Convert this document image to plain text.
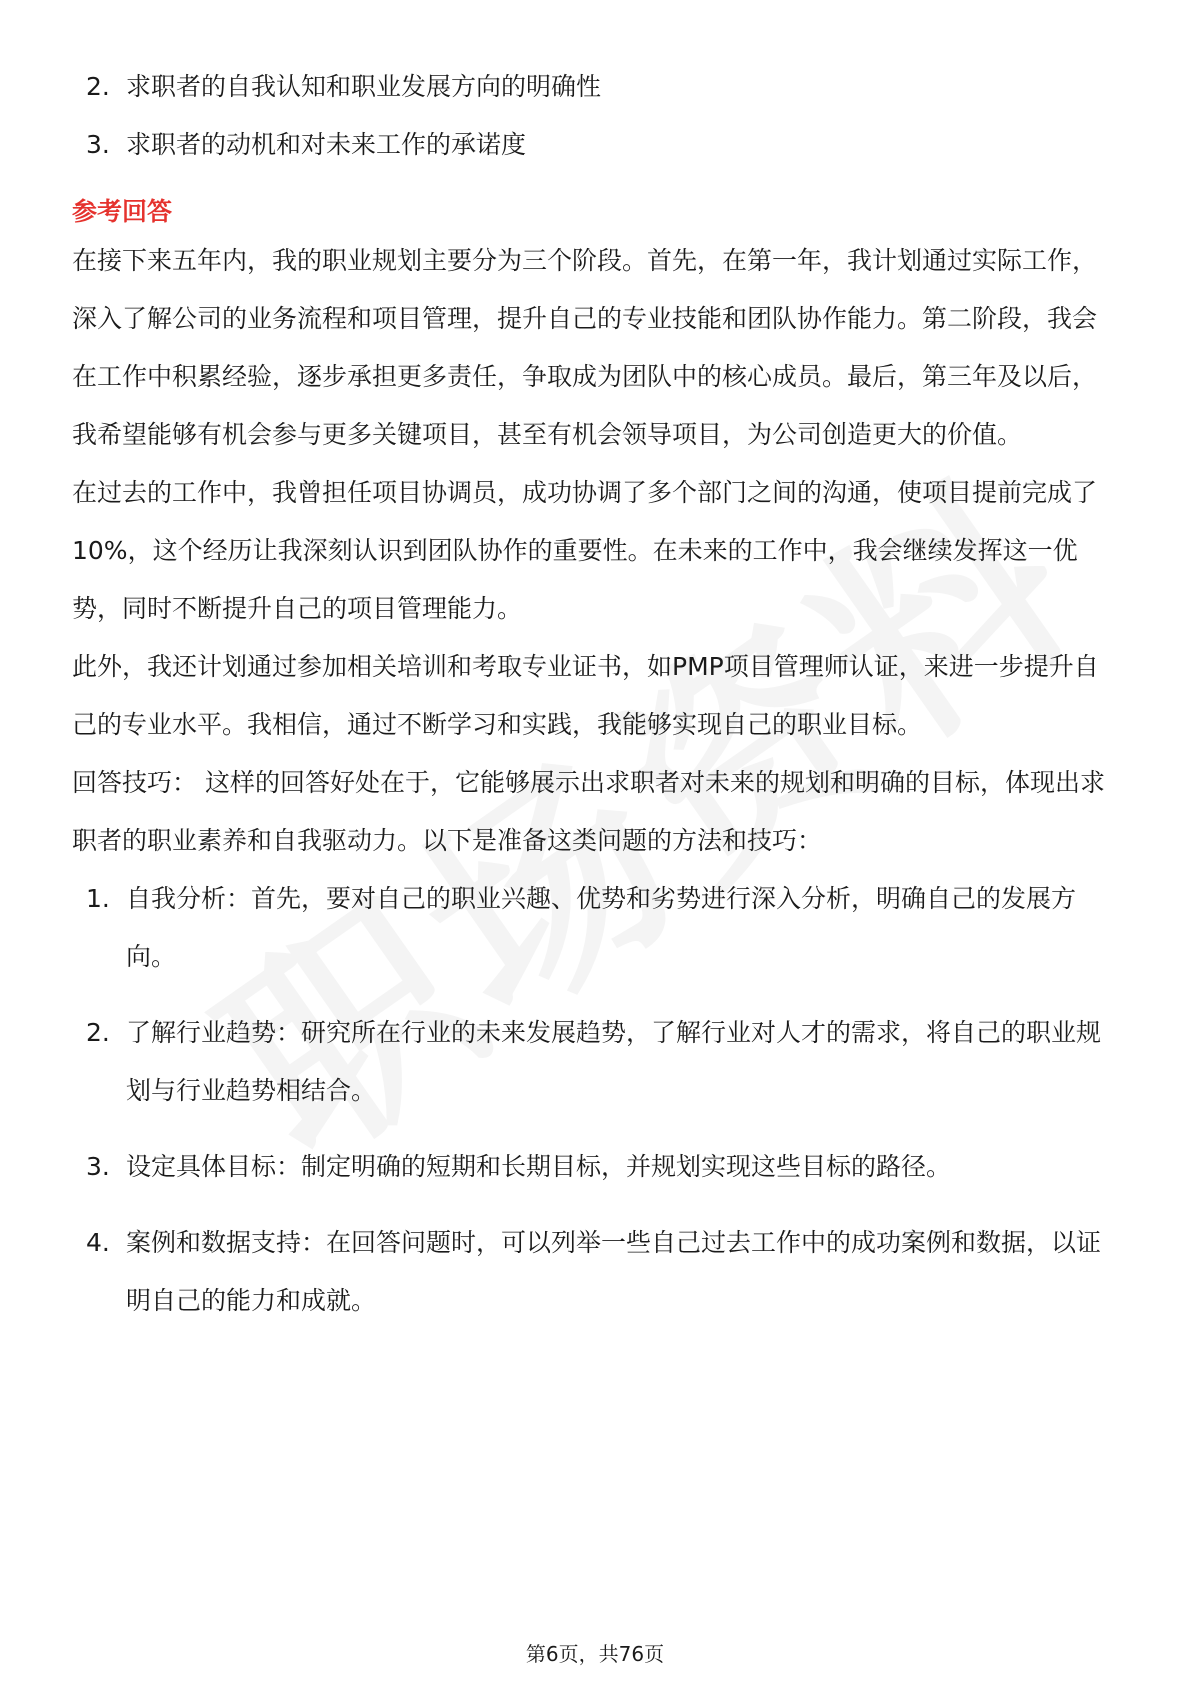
2. 求职者的自我认知和职业发展方向的明确性
3. 求职者的动机和对未来工作的承诺度
参考回答

在接下来五年内，我的职业规划主要分为三个阶段。首先，在第一年，我计划通过实际工作，深入了解公司的业务流程和项目管理，提升自己的专业技能和团队协作能力。第二阶段，我会在工作中积累经验，逐步承担更多责任，争取成为团队中的核心成员。最后，第三年及以后，我希望能够有机会参与更多关键项目，甚至有机会领导项目，为公司创造更大的价值。

在过去的工作中，我曾担任项目协调员，成功协调了多个部门之间的沟通，使项目提前完成了10%，这个经历让我深刻认识到团队协作的重要性。在未来的工作中，我会继续发挥这一优势，同时不断提升自己的项目管理能力。

此外，我还计划通过参加相关培训和考取专业证书，如PMP项目管理师认证，来进一步提升自己的专业水平。我相信，通过不断学习和实践，我能够实现自己的职业目标。

回答技巧： 这样的回答好处在于，它能够展示出求职者对未来的规划和明确的目标，体现出求职者的职业素养和自我驱动力。以下是准备这类问题的方法和技巧：

1. 自我分析：首先，要对自己的职业兴趣、优势和劣势进行深入分析，明确自己的发展方向。
2. 了解行业趋势：研究所在行业的未来发展趋势，了解行业对人才的需求，将自己的职业规划与行业趋势相结合。
3. 设定具体目标：制定明确的短期和长期目标，并规划实现这些目标的路径。
4. 案例和数据支持：在回答问题时，可以列举一些自己过去工作中的成功案例和数据，以证明自己的能力和成就。
第6页，共76页
